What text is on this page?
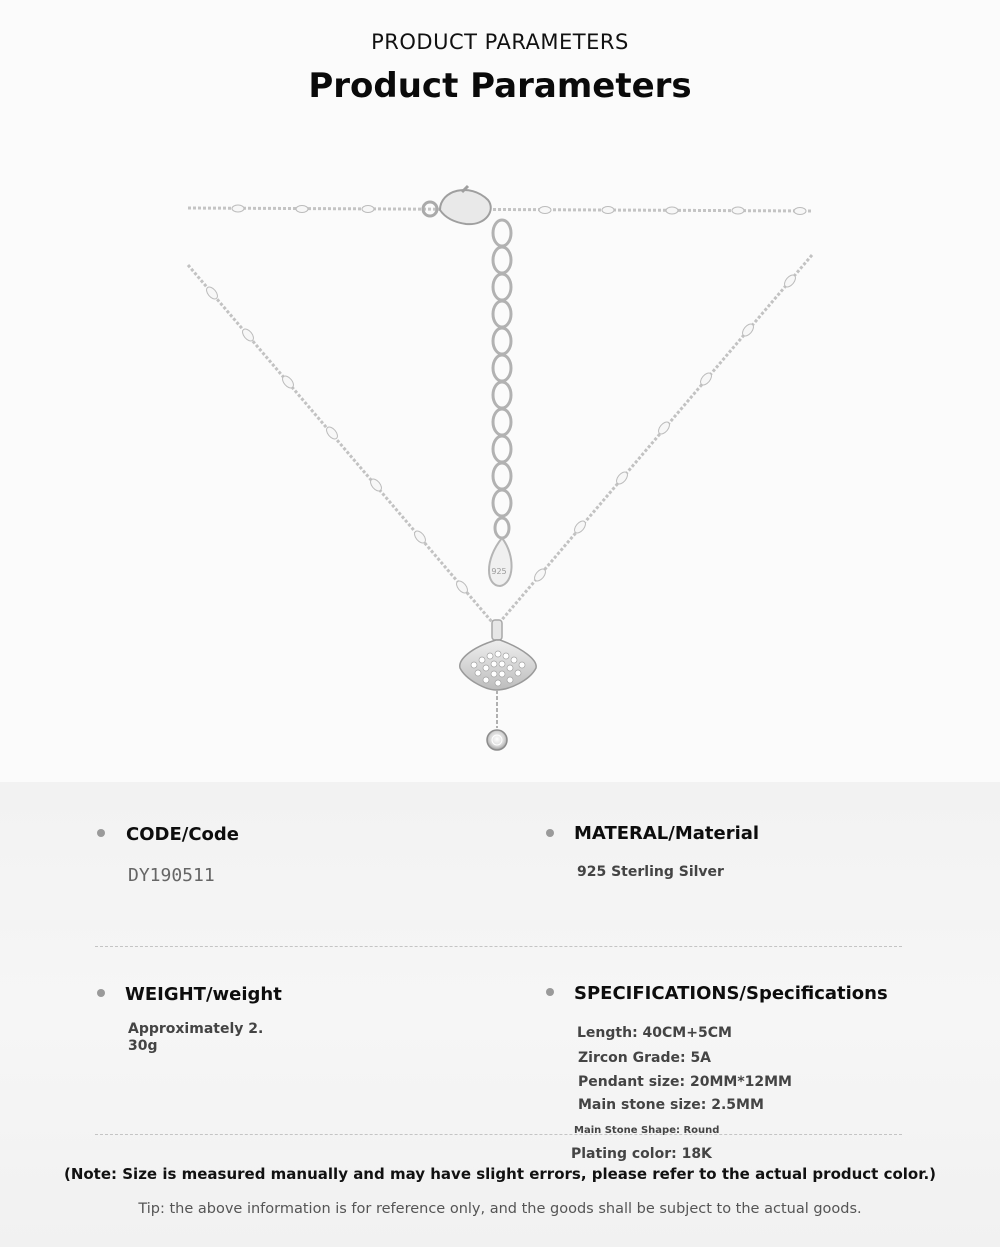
PRODUCT PARAMETERS
Product Parameters
925
CODE/Code
DY190511
MATERAL/Material
925 Sterling Silver
WEIGHT/weight
Approximately 2.
30g
SPECIFICATIONS/Specifications
Length: 40CM+5CM
Zircon Grade: 5A
Pendant size: 20MM*12MM
Main stone size: 2.5MM
Main Stone Shape: Round
Plating color: 18K
(Note: Size is measured manually and may have slight errors, please refer to the actual product color.)
Tip: the above information is for reference only, and the goods shall be subject to the actual goods.
